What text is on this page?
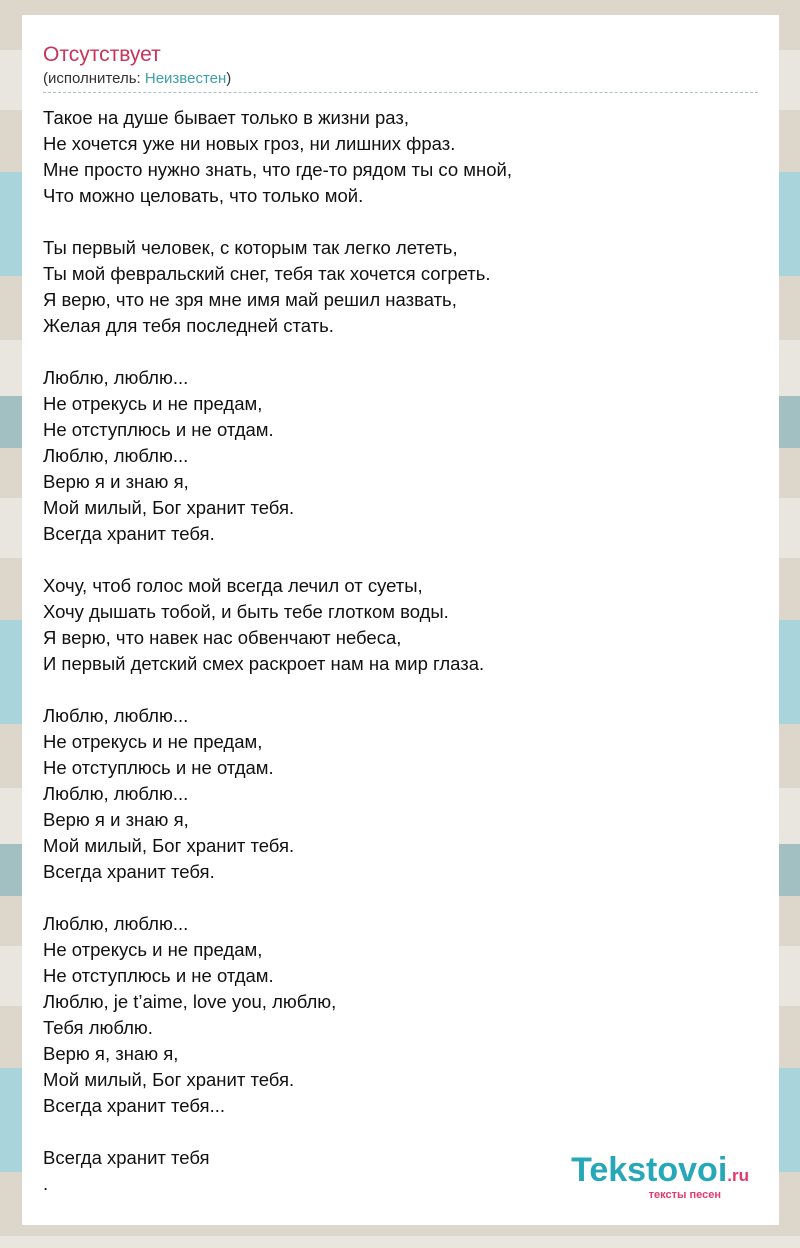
Отсутствует
(исполнитель: Неизвестен)
Такое на душе бывает только в жизни раз,
Не хочется уже ни новых гроз, ни лишних фраз.
Мне просто нужно знать, что где-то рядом ты со мной,
Что можно целовать, что только мой.
Ты первый человек, с которым так легко лететь,
Ты мой февральский снег, тебя так хочется согреть.
Я верю, что не зря мне имя май решил назвать,
Желая для тебя последней стать.
Люблю, люблю...
Не отрекусь и не предам,
Не отступлюсь и не отдам.
Люблю, люблю...
Верю я и знаю я,
Мой милый, Бог хранит тебя.
Всегда хранит тебя.
Хочу, чтоб голос мой всегда лечил от суеты,
Хочу дышать тобой, и быть тебе глотком воды.
Я верю, что навек нас обвенчают небеса,
И первый детский смех раскроет нам на мир глаза.
Люблю, люблю...
Не отрекусь и не предам,
Не отступлюсь и не отдам.
Люблю, люблю...
Верю я и знаю я,
Мой милый, Бог хранит тебя.
Всегда хранит тебя.
Люблю, люблю...
Не отрекусь и не предам,
Не отступлюсь и не отдам.
Люблю, je t’aime, love you, люблю,
Тебя люблю.
Верю я, знаю я,
Мой милый, Бог хранит тебя.
Всегда хранит тебя...
Всегда хранит тебя
.	Tekstovoi.ru
тексты песен
